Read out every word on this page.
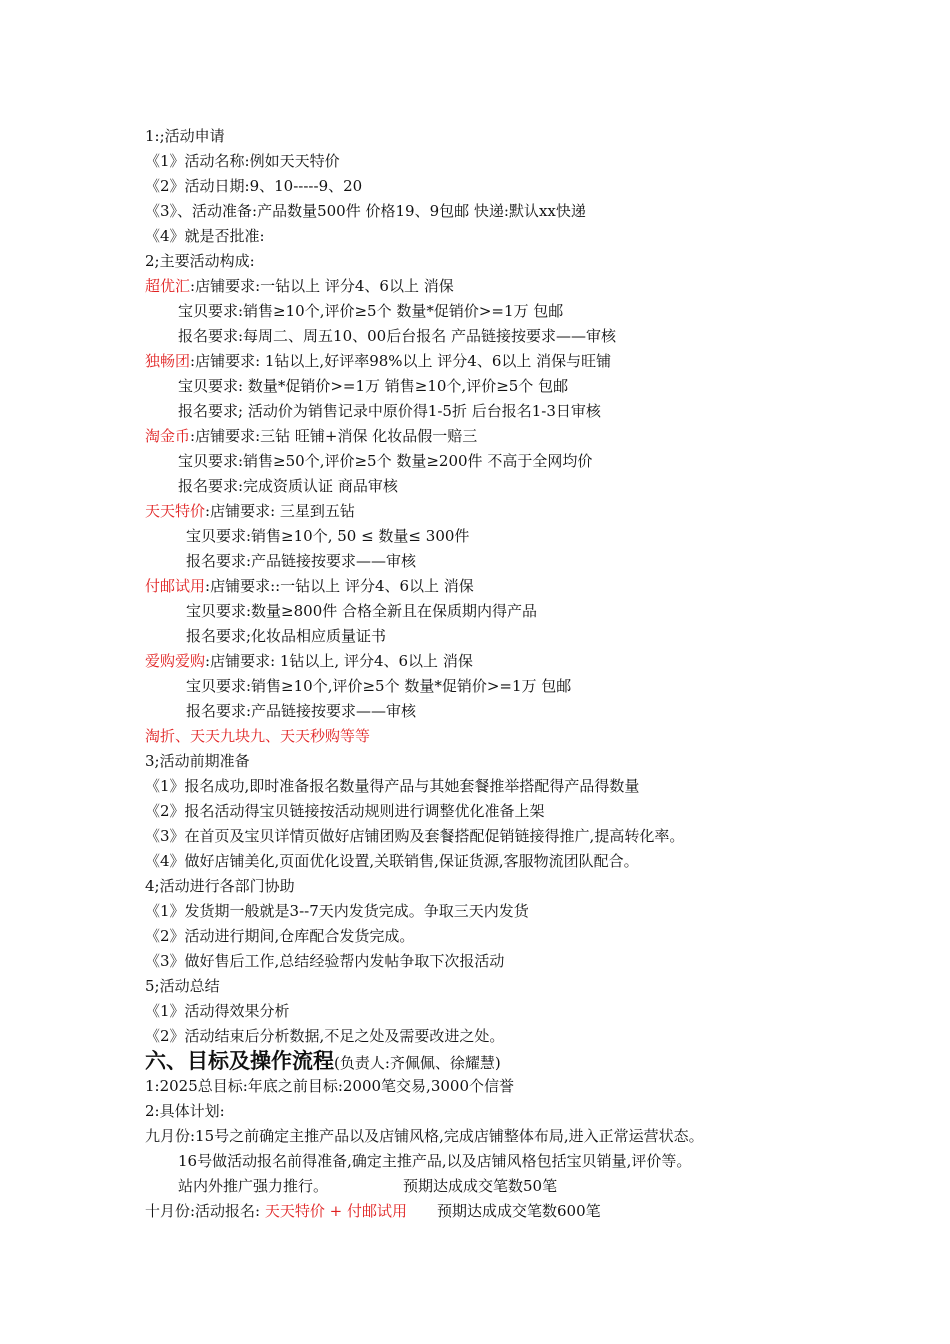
1:;活动申请
《1》活动名称:例如天天特价
《2》活动日期:9、10-----9、20
《3》、活动准备:产品数量500件 价格19、9包邮 快递:默认xx快递
《4》就是否批准:
2;主要活动构成:
超优汇:店铺要求:一钻以上 评分4、6以上 消保
宝贝要求:销售≥10个,评价≥5个 数量*促销价>=1万 包邮
报名要求:每周二、周五10、00后台报名 产品链接按要求——审核
独畅团:店铺要求: 1钻以上,好评率98%以上 评分4、6以上 消保与旺铺
宝贝要求: 数量*促销价>=1万 销售≥10个,评价≥5个 包邮
报名要求; 活动价为销售记录中原价得1-5折 后台报名1-3日审核
淘金币:店铺要求:三钻 旺铺+消保 化妆品假一赔三
宝贝要求:销售≥50个,评价≥5个 数量≥200件 不高于全网均价
报名要求:完成资质认证 商品审核
天天特价:店铺要求: 三星到五钻
宝贝要求:销售≥10个, 50 ≤ 数量≤ 300件
报名要求:产品链接按要求——审核
付邮试用:店铺要求::一钻以上 评分4、6以上 消保
宝贝要求:数量≥800件 合格全新且在保质期内得产品
报名要求;化妆品相应质量证书
爱购爱购:店铺要求: 1钻以上, 评分4、6以上 消保
宝贝要求:销售≥10个,评价≥5个 数量*促销价>=1万 包邮
报名要求:产品链接按要求——审核
淘折、天天九块九、天天秒购等等
3;活动前期准备
《1》报名成功,即时准备报名数量得产品与其她套餐推举搭配得产品得数量
《2》报名活动得宝贝链接按活动规则进行调整优化准备上架
《3》在首页及宝贝详情页做好店铺团购及套餐搭配促销链接得推广,提高转化率。
《4》做好店铺美化,页面优化设置,关联销售,保证货源,客服物流团队配合。
4;活动进行各部门协助
《1》发货期一般就是3--7天内发货完成。争取三天内发货
《2》活动进行期间,仓库配合发货完成。
《3》做好售后工作,总结经验帮内发帖争取下次报活动
5;活动总结
《1》活动得效果分析
《2》活动结束后分析数据,不足之处及需要改进之处。
六、目标及操作流程(负责人:齐佩佩、徐耀慧)
1:2025总目标:年底之前目标:2000笔交易,3000个信誉
2:具体计划:
九月份:15号之前确定主推产品以及店铺风格,完成店铺整体布局,进入正常运营状态。
16号做活动报名前得准备,确定主推产品,以及店铺风格包括宝贝销量,评价等。
站内外推广强力推行。	预期达成成交笔数50笔
十月份:活动报名: 天天特价 + 付邮试用 预期达成成交笔数600笔
